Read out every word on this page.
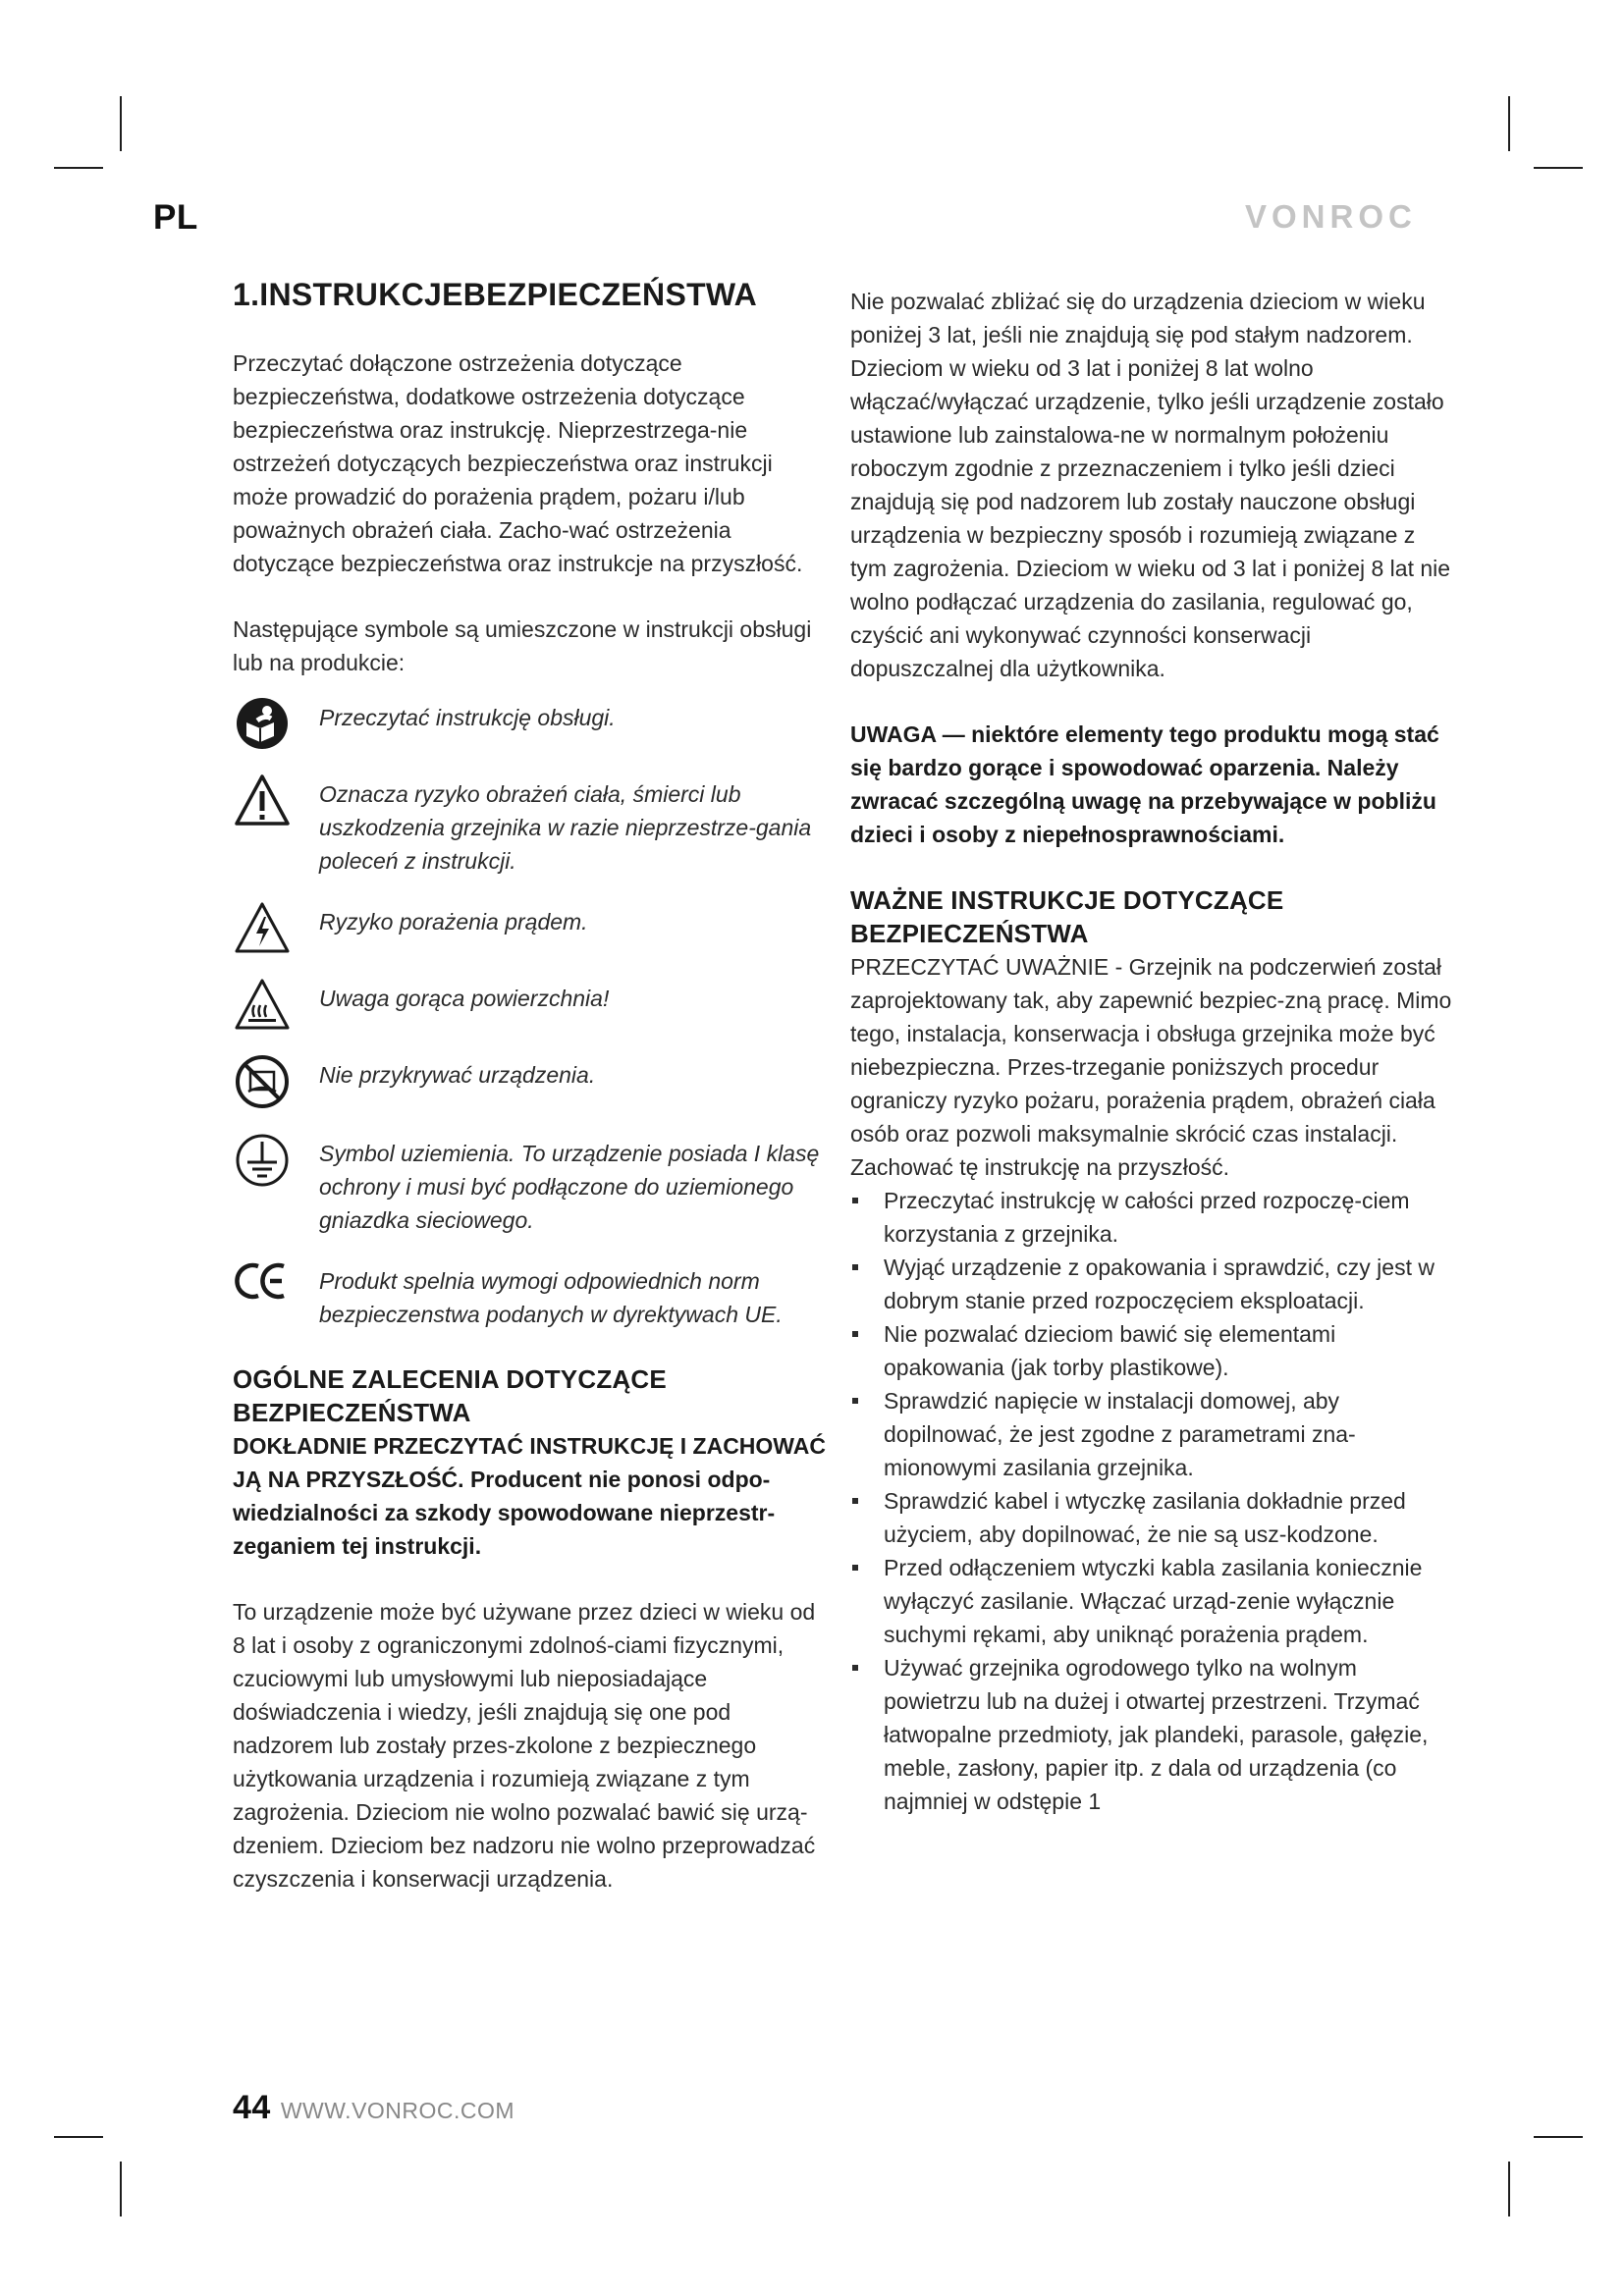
PL	VONROC

1.INSTRUKCJEBEZPIECZEŃSTWA

Przeczytać dołączone ostrzeżenia dotyczące bezpieczeństwa, dodatkowe ostrzeżenia dotyczące bezpieczeństwa oraz instrukcję. Nieprzestrzega-nie ostrzeżeń dotyczących bezpieczeństwa oraz instrukcji może prowadzić do porażenia prądem, pożaru i/lub poważnych obrażeń ciała. Zacho-wać ostrzeżenia dotyczące bezpieczeństwa oraz instrukcje na przyszłość.

Następujące symbole są umieszczone w instrukcji obsługi lub na produkcie:

Przeczytać instrukcję obsługi.
Oznacza ryzyko obrażeń ciała, śmierci lub uszkodzenia grzejnika w razie nieprzestrze-gania poleceń z instrukcji.
Ryzyko porażenia prądem.
Uwaga gorąca powierzchnia!
Nie przykrywać urządzenia.
Symbol uziemienia. To urządzenie posiada I klasę ochrony i musi być podłączone do uziemionego gniazdka sieciowego.
Produkt spelnia wymogi odpowiednich norm bezpieczenstwa podanych w dyrektywach UE.

OGÓLNE ZALECENIA DOTYCZĄCE BEZPIECZEŃSTWA

DOKŁADNIE PRZECZYTAĆ INSTRUKCJĘ I ZACHOWAĆ JĄ NA PRZYSZŁOŚĆ. Producent nie ponosi odpo-wiedzialności za szkody spowodowane nieprzestr-zeganiem tej instrukcji.

To urządzenie może być używane przez dzieci w wieku od 8 lat i osoby z ograniczonymi zdolnoś-ciami fizycznymi, czuciowymi lub umysłowymi lub nieposiadające doświadczenia i wiedzy, jeśli znajdują się one pod nadzorem lub zostały przes-zkolone z bezpiecznego użytkowania urządzenia i rozumieją związane z tym zagrożenia. Dzieciom nie wolno pozwalać bawić się urzą- dzeniem. Dzieciom bez nadzoru nie wolno przeprowadzać czyszczenia i konserwacji urządzenia.

Nie pozwalać zbliżać się do urządzenia dzieciom w wieku poniżej 3 lat, jeśli nie znajdują się pod stałym nadzorem. Dzieciom w wieku od 3 lat i poniżej 8 lat wolno włączać/wyłączać urządzenie, tylko jeśli urządzenie zostało ustawione lub zainstalowa-ne w normalnym położeniu roboczym zgodnie z przeznaczeniem i tylko jeśli dzieci znajdują się pod nadzorem lub zostały nauczone obsługi urządzenia w bezpieczny sposób i rozumieją związane z tym zagrożenia. Dzieciom w wieku od 3 lat i poniżej 8 lat nie wolno podłączać urządzenia do zasilania, regulować go, czyścić ani wykonywać czynności konserwacji dopuszczalnej dla użytkownika.

UWAGA — niektóre elementy tego produktu mogą stać się bardzo gorące i spowodować oparzenia. Należy zwracać szczególną uwagę na przebywające w pobliżu dzieci i osoby z niepełnosprawnościami.

WAŻNE INSTRUKCJE DOTYCZĄCE BEZPIECZEŃSTWA

PRZECZYTAĆ UWAŻNIE - Grzejnik na podczerwień został zaprojektowany tak, aby zapewnić bezpiec-zną pracę. Mimo tego, instalacja, konserwacja i obsługa grzejnika może być niebezpieczna. Przes-trzeganie poniższych procedur ograniczy ryzyko pożaru, porażenia prądem, obrażeń ciała osób oraz pozwoli maksymalnie skrócić czas instalacji. Zachować tę instrukcję na przyszłość.

Przeczytać instrukcję w całości przed rozpoczę-ciem korzystania z grzejnika.
Wyjąć urządzenie z opakowania i sprawdzić, czy jest w dobrym stanie przed rozpoczęciem eksploatacji.
Nie pozwalać dzieciom bawić się elementami opakowania (jak torby plastikowe).
Sprawdzić napięcie w instalacji domowej, aby dopilnować, że jest zgodne z parametrami zna-mionowymi zasilania grzejnika.
Sprawdzić kabel i wtyczkę zasilania dokładnie przed użyciem, aby dopilnować, że nie są usz-kodzone.
Przed odłączeniem wtyczki kabla zasilania koniecznie wyłączyć zasilanie. Włączać urząd-zenie wyłącznie suchymi rękami, aby uniknąć porażenia prądem.
Używać grzejnika ogrodowego tylko na wolnym powietrzu lub na dużej i otwartej przestrzeni. Trzymać łatwopalne przedmioty, jak plandeki, parasole, gałęzie, meble, zasłony, papier itp. z dala od urządzenia (co najmniej w odstępie 1
44 WWW.VONROC.COM
